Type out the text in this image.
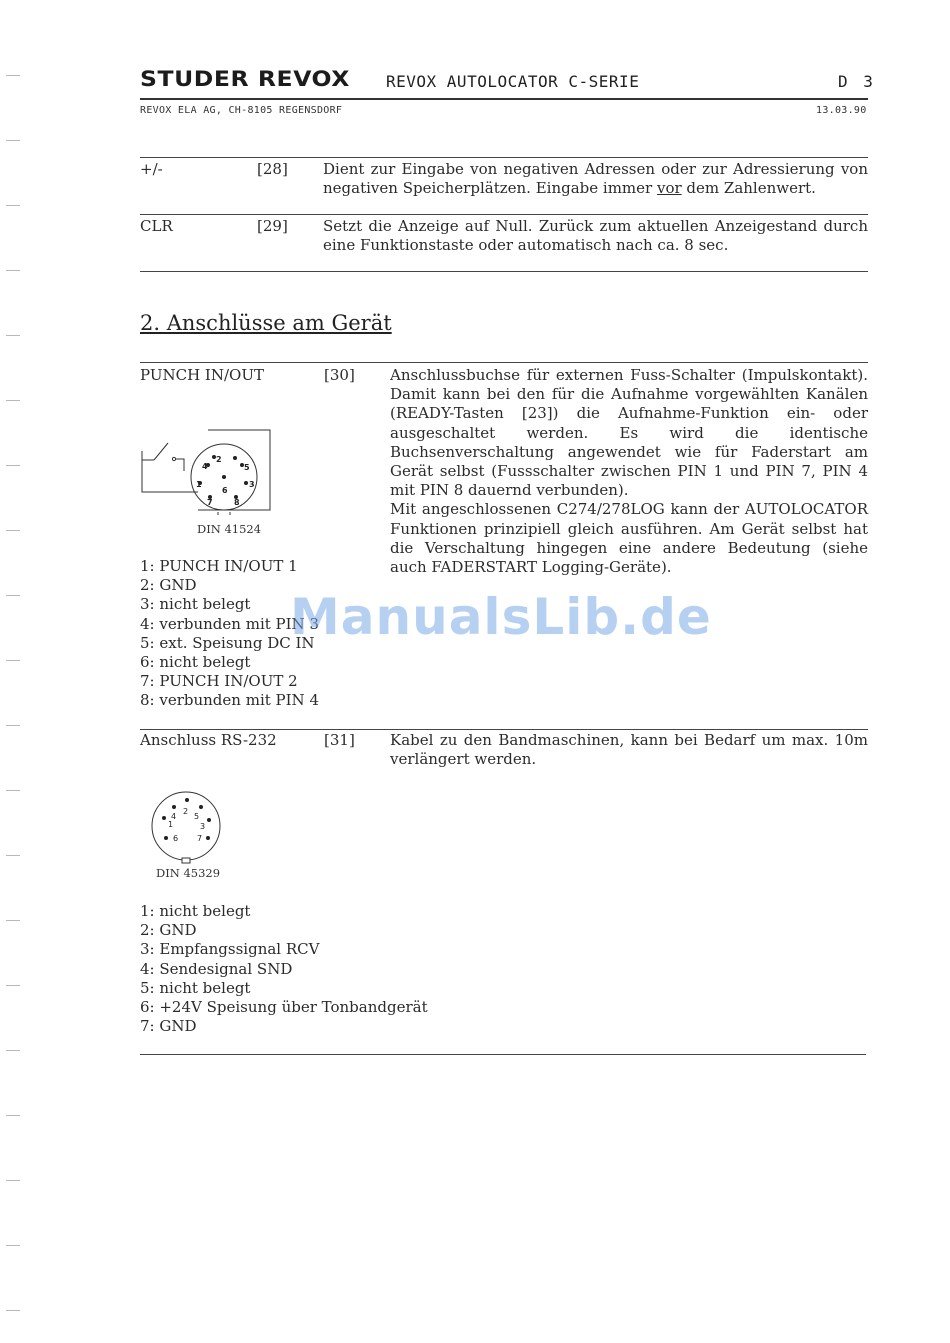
STUDER REVOX REVOX AUTOLOCATOR C-SERIE	D 3
REVOX ELA AG, CH-8105 REGENSDORF	13.03.90
+/-	[28] Dient zur Eingabe von negativen Adressen oder zur Adressierung von negativen Speicherplätzen. Eingabe immer vor dem Zahlenwert.
CLR	[29] Setzt die Anzeige auf Null. Zurück zum aktuellen Anzeigestand durch eine Funktionstaste oder automatisch nach ca. 8 sec.
2. Anschlüsse am Gerät
PUNCH IN/OUT	[30] Anschlussbuchse für externen Fuss-Schalter (Impulskontakt). Damit kann bei den für die Aufnahme vorgewählten Kanälen (READY-Tasten [23]) die Aufnahme-Funktion ein- oder ausgeschaltet werden. Es wird die identische Buchsenverschaltung angewendet wie für Faderstart am Gerät selbst (Fussschalter zwischen PIN 1 und PIN 7, PIN 4 mit PIN 8 dauernd verbunden).
Mit angeschlossenen C274/278LOG kann der AUTOLOCATOR Funktionen prinzipiell gleich ausführen. Am Gerät selbst hat die Verschaltung hingegen eine andere Bedeutung (siehe auch FADERSTART Logging-Geräte).
1
2
3
4	5
6
7	8
DIN 41524
1: PUNCH IN/OUT 1
2: GND
3: nicht belegt
4: verbunden mit PIN 3
5: ext. Speisung DC IN
6: nicht belegt
7: PUNCH IN/OUT 2
8: verbunden mit PIN 4
Anschluss RS-232	[31] Kabel zu den Bandmaschinen, kann bei Bedarf um max. 10m verlängert werden.
1
2
3
4 5
6 7
DIN 45329
1: nicht belegt
2: GND
3: Empfangssignal RCV
4: Sendesignal SND
5: nicht belegt
6: +24V Speisung über Tonbandgerät
7: GND
ManualsLib.de
